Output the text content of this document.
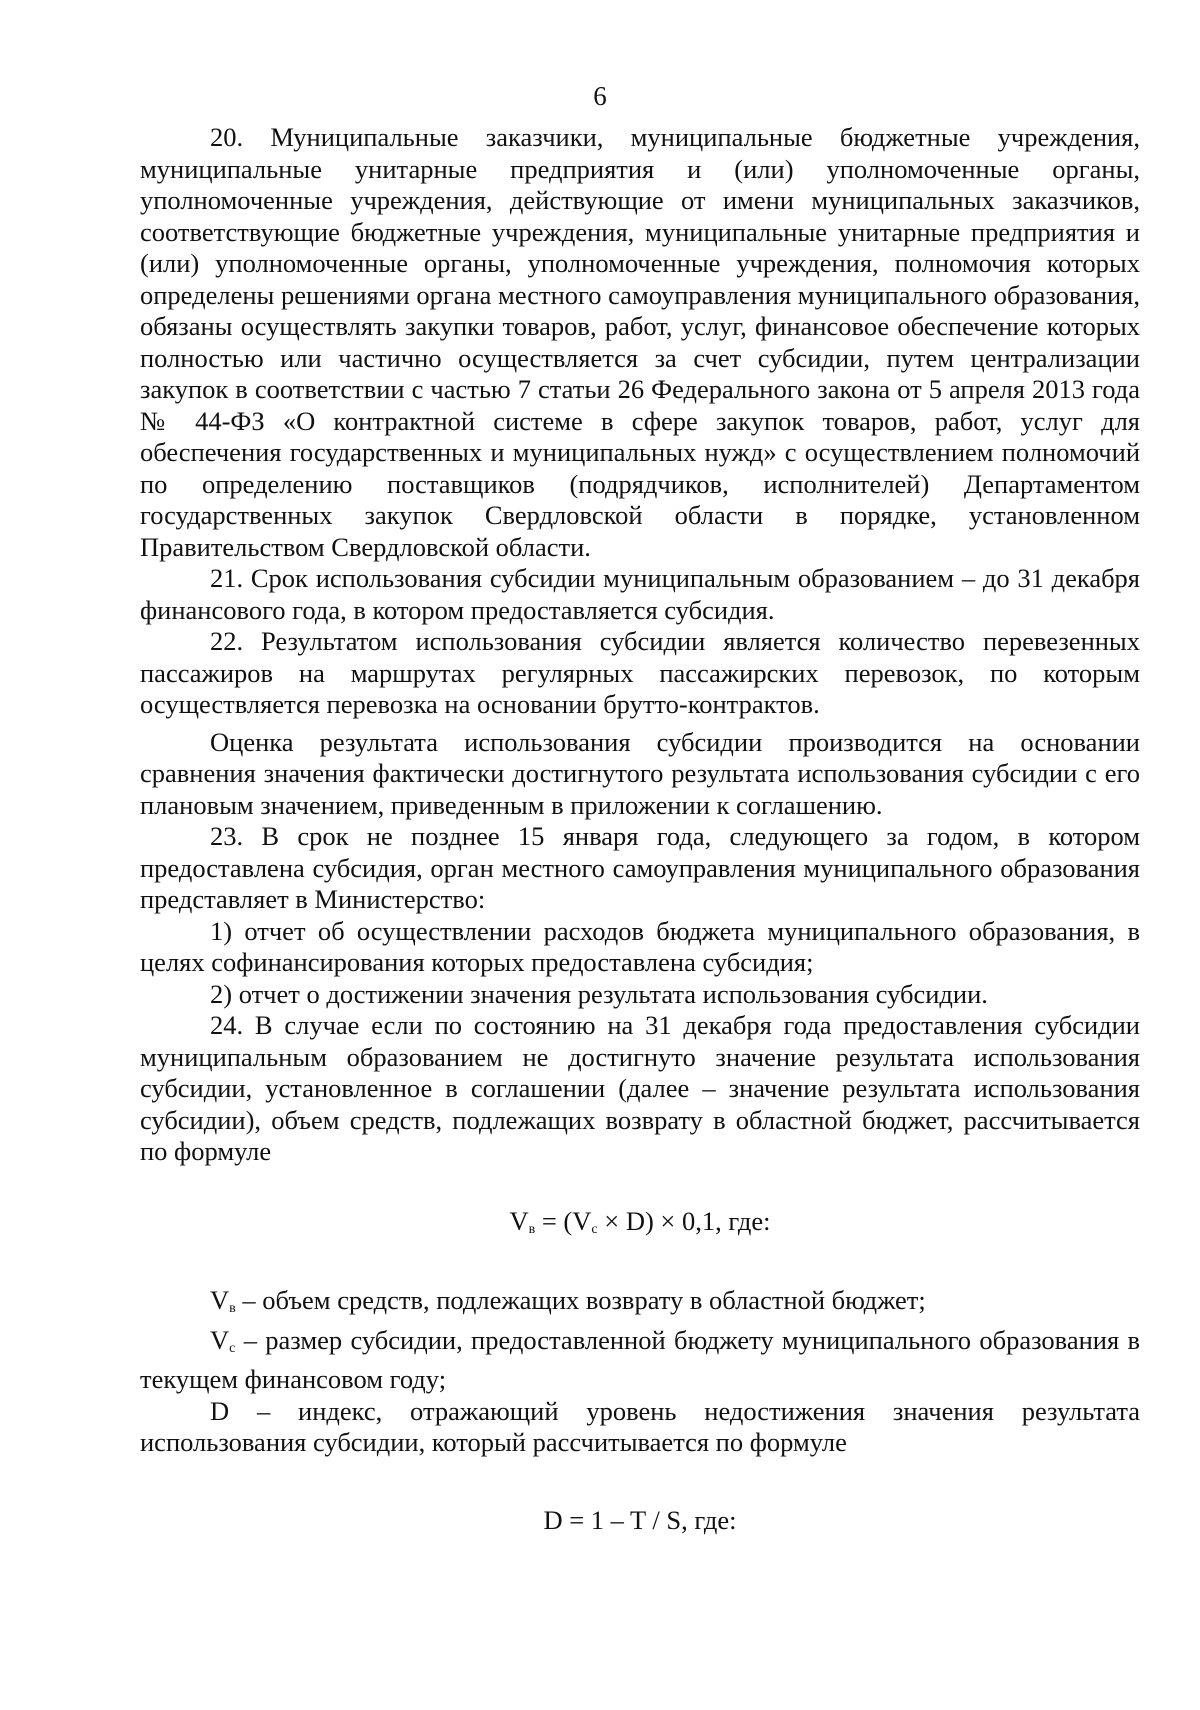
6

20. Муниципальные заказчики, муниципальные бюджетные учреждения, муниципальные унитарные предприятия и (или) уполномоченные органы, уполномоченные учреждения, действующие от имени муниципальных заказчиков, соответствующие бюджетные учреждения, муниципальные унитарные предприятия и (или) уполномоченные органы, уполномоченные учреждения, полномочия которых определены решениями органа местного самоуправления муниципального образования, обязаны осуществлять закупки товаров, работ, услуг, финансовое обеспечение которых полностью или частично осуществляется за счет субсидии, путем централизации закупок в соответствии с частью 7 статьи 26 Федерального закона от 5 апреля 2013 года № 44-ФЗ «О контрактной системе в сфере закупок товаров, работ, услуг для обеспечения государственных и муниципальных нужд» с осуществлением полномочий по определению поставщиков (подрядчиков, исполнителей) Департаментом государственных закупок Свердловской области в порядке, установленном Правительством Свердловской области.

21. Срок использования субсидии муниципальным образованием – до 31 декабря финансового года, в котором предоставляется субсидия.

22. Результатом использования субсидии является количество перевезенных пассажиров на маршрутах регулярных пассажирских перевозок, по которым осуществляется перевозка на основании брутто-контрактов.

Оценка результата использования субсидии производится на основании сравнения значения фактически достигнутого результата использования субсидии с его плановым значением, приведенным в приложении к соглашению.

23. В срок не позднее 15 января года, следующего за годом, в котором предоставлена субсидия, орган местного самоуправления муниципального образования представляет в Министерство:

1) отчет об осуществлении расходов бюджета муниципального образования, в целях софинансирования которых предоставлена субсидия;

2) отчет о достижении значения результата использования субсидии.

24. В случае если по состоянию на 31 декабря года предоставления субсидии муниципальным образованием не достигнуто значение результата использования субсидии, установленное в соглашении (далее – значение результата использования субсидии), объем средств, подлежащих возврату в областной бюджет, рассчитывается по формуле

$V_в = (V_с \times D) \times 0,1$, где:

$V_в$ – объем средств, подлежащих возврату в областной бюджет;

$V_с$ – размер субсидии, предоставленной бюджету муниципального образования в текущем финансовом году;

D – индекс, отражающий уровень недостижения значения результата использования субсидии, который рассчитывается по формуле

D = 1 – T / S, где:
